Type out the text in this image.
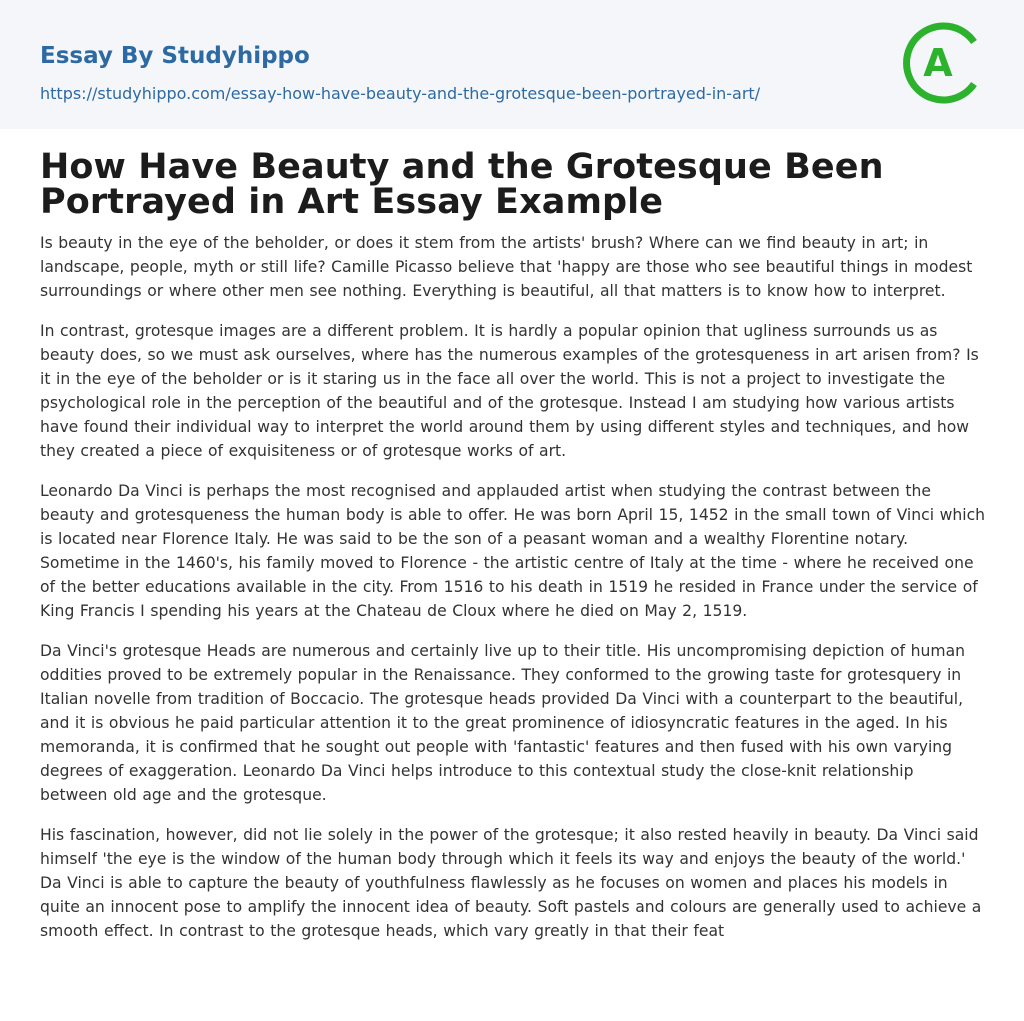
Essay By Studyhippo
https://studyhippo.com/essay-how-have-beauty-and-the-grotesque-been-portrayed-in-art/
A
How Have Beauty and the Grotesque Been Portrayed in Art Essay Example

Is beauty in the eye of the beholder, or does it stem from the artists' brush? Where can we find beauty in art; in landscape, people, myth or still life? Camille Picasso believe that 'happy are those who see beautiful things in modest surroundings or where other men see nothing. Everything is beautiful, all that matters is to know how to interpret.

In contrast, grotesque images are a different problem. It is hardly a popular opinion that ugliness surrounds us as beauty does, so we must ask ourselves, where has the numerous examples of the grotesqueness in art arisen from? Is it in the eye of the beholder or is it staring us in the face all over the world. This is not a project to investigate the psychological role in the perception of the beautiful and of the grotesque. Instead I am studying how various artists have found their individual way to interpret the world around them by using different styles and techniques, and how they created a piece of exquisiteness or of grotesque works of art.

Leonardo Da Vinci is perhaps the most recognised and applauded artist when studying the contrast between the beauty and grotesqueness the human body is able to offer. He was born April 15, 1452 in the small town of Vinci which is located near Florence Italy. He was said to be the son of a peasant woman and a wealthy Florentine notary. Sometime in the 1460's, his family moved to Florence - the artistic centre of Italy at the time - where he received one of the better educations available in the city. From 1516 to his death in 1519 he resided in France under the service of King Francis I spending his years at the Chateau de Cloux where he died on May 2, 1519.

Da Vinci's grotesque Heads are numerous and certainly live up to their title. His uncompromising depiction of human oddities proved to be extremely popular in the Renaissance. They conformed to the growing taste for grotesquery in Italian novelle from tradition of Boccacio. The grotesque heads provided Da Vinci with a counterpart to the beautiful, and it is obvious he paid particular attention it to the great prominence of idiosyncratic features in the aged. In his memoranda, it is confirmed that he sought out people with 'fantastic' features and then fused with his own varying degrees of exaggeration. Leonardo Da Vinci helps introduce to this contextual study the close-knit relationship between old age and the grotesque.

His fascination, however, did not lie solely in the power of the grotesque; it also rested heavily in beauty. Da Vinci said himself 'the eye is the window of the human body through which it feels its way and enjoys the beauty of the world.' Da Vinci is able to capture the beauty of youthfulness flawlessly as he focuses on women and places his models in quite an innocent pose to amplify the innocent idea of beauty. Soft pastels and colours are generally used to achieve a smooth effect. In contrast to the grotesque heads, which vary greatly in that their feat
